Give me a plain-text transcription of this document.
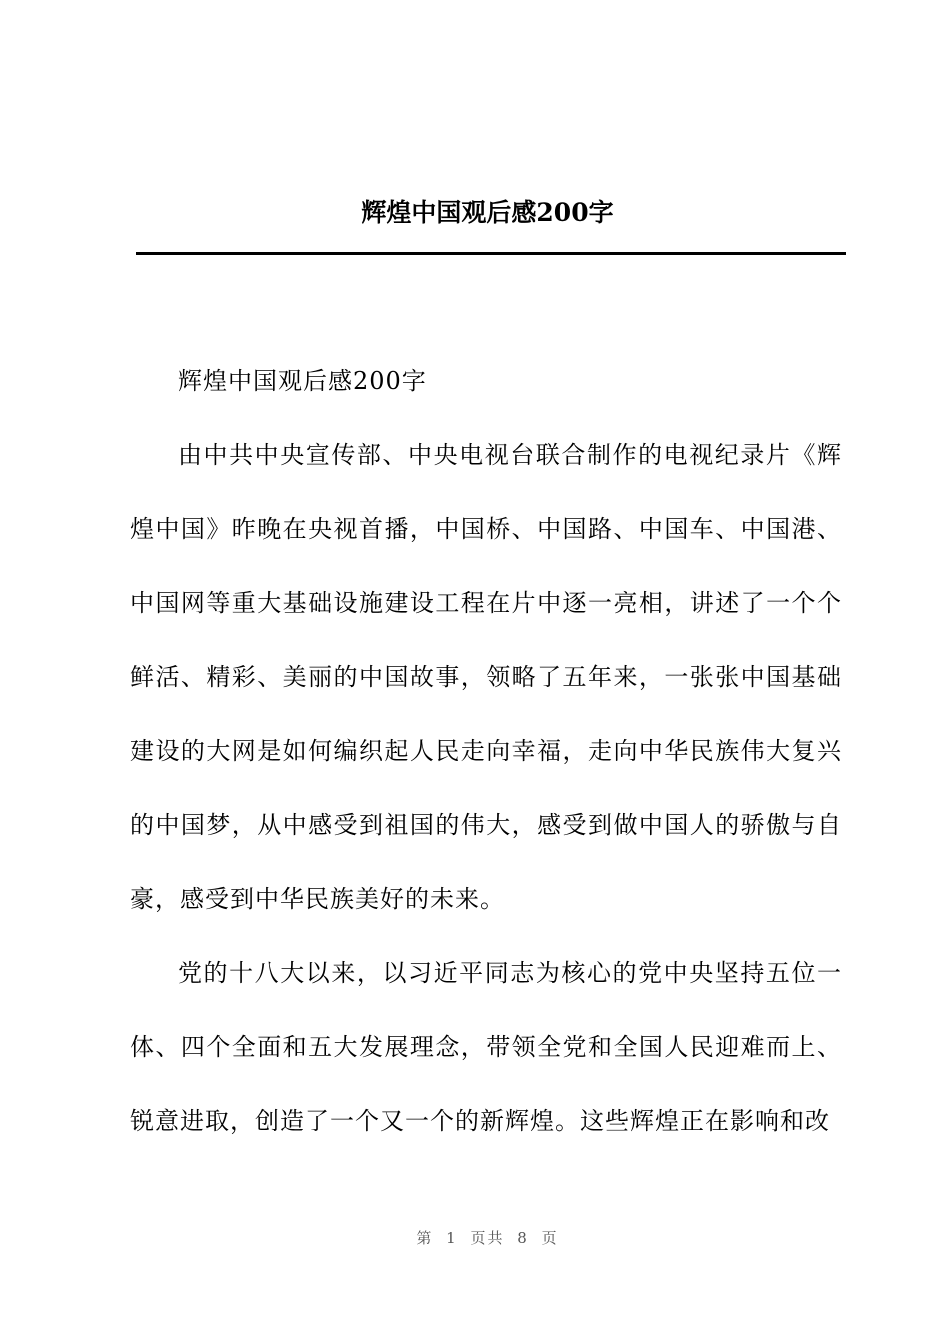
辉煌中国观后感200字

辉煌中国观后感200字

由中共中央宣传部、中央电视台联合制作的电视纪录片《辉煌中国》昨晚在央视首播，中国桥、中国路、中国车、中国港、中国网等重大基础设施建设工程在片中逐一亮相，讲述了一个个鲜活、精彩、美丽的中国故事，领略了五年来，一张张中国基础建设的大网是如何编织起人民走向幸福，走向中华民族伟大复兴的中国梦，从中感受到祖国的伟大，感受到做中国人的骄傲与自豪，感受到中华民族美好的未来。

党的十八大以来，以习近平同志为核心的党中央坚持五位一体、四个全面和五大发展理念，带领全党和全国人民迎难而上、锐意进取，创造了一个又一个的新辉煌。这些辉煌正在影响和改

第 1 页共 8 页
